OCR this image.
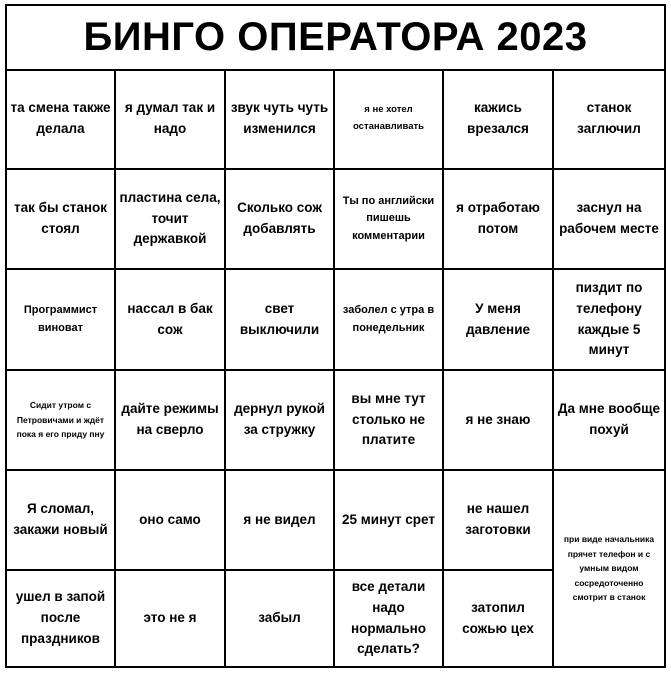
БИНГО ОПЕРАТОРА 2023
та смена также делала
я думал так и надо
звук чуть чуть изменился
я не хотел останавливать
кажись врезался
станок заглючил
так бы станок стоял
пластина села, точит державкой
Сколько сож добавлять
Ты по английски пишешь комментарии
я отработаю потом
заснул на рабочем месте
Программист виноват
нассал в бак сож
свет выключили
заболел с утра в понедельник
У меня давление
пиздит по телефону каждые 5 минут
Сидит утром с Петровичами и ждёт пока я его приду пну
дайте режимы на сверло
дернул рукой за стружку
вы мне тут столько не платите
я не знаю
Да мне вообще похуй
Я сломал, закажи новый
оно само	я не видел	25 минут срет
не нашел заготовки
при виде начальника прячет телефон и с умным видом сосредоточенно смотрит в станок
ушел в запой после праздников
это не я	забыл
все детали надо нормально сделать?
затопил сожью цех
